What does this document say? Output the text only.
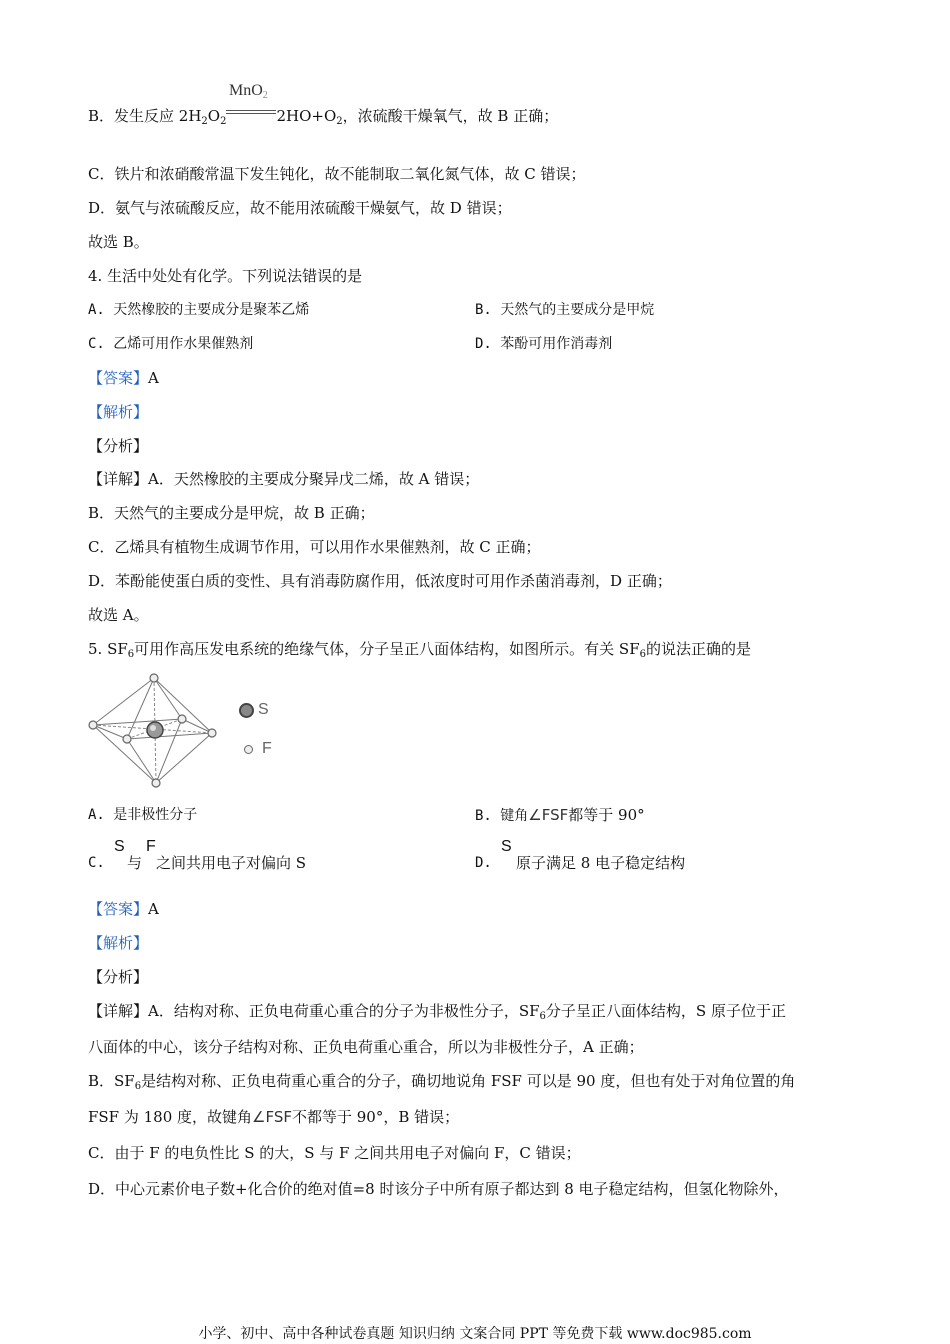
B．发生反应 $2H_2O_2$	$2HO+O_2$，浓硫酸干燥氧气，故 B 正确；
MnO$_2$
C．铁片和浓硝酸常温下发生钝化，故不能制取二氧化氮气体，故 C 错误；
D．氨气与浓硫酸反应，故不能用浓硫酸干燥氨气，故 D 错误；
故选 B。
4. 生活中处处有化学。下列说法错误的是
A. 天然橡胶的主要成分是聚苯乙烯	B. 天然气的主要成分是甲烷
C. 乙烯可用作水果催熟剂	D. 苯酚可用作消毒剂
【答案】A
【解析】
【分析】
【详解】A．天然橡胶的主要成分聚异戊二烯，故 A 错误；
B．天然气的主要成分是甲烷，故 B 正确；
C．乙烯具有植物生成调节作用，可以用作水果催熟剂，故 C 正确；
D．苯酚能使蛋白质的变性、具有消毒防腐作用，低浓度时可用作杀菌消毒剂，D 正确；
故选 A。
5. $SF_6$可用作高压发电系统的绝缘气体，分子呈正八面体结构，如图所示。有关 $SF_6$的说法正确的是
S
F
A. 是非极性分子	B. 键角∠FSF都等于 90°
C.
S
与
F
之间共用电子对偏向 S	D.
S
原子满足 8 电子稳定结构
【答案】A
【解析】
【分析】
【详解】A．结构对称、正负电荷重心重合的分子为非极性分子，$SF_6$分子呈正八面体结构，S 原子位于正
八面体的中心，该分子结构对称、正负电荷重心重合，所以为非极性分子，A 正确；
B．$SF_6$是结构对称、正负电荷重心重合的分子，确切地说角 FSF 可以是 90 度，但也有处于对角位置的角
FSF 为 180 度，故键角∠FSF不都等于 90°，B 错误；
C．由于 F 的电负性比 S 的大，S 与 F 之间共用电子对偏向 F，C 错误；
D．中心元素价电子数+化合价的绝对值=8 时该分子中所有原子都达到 8 电子稳定结构，但氢化物除外，
小学、初中、高中各种试卷真题 知识归纳 文案合同 PPT 等免费下载 www.doc985.com
